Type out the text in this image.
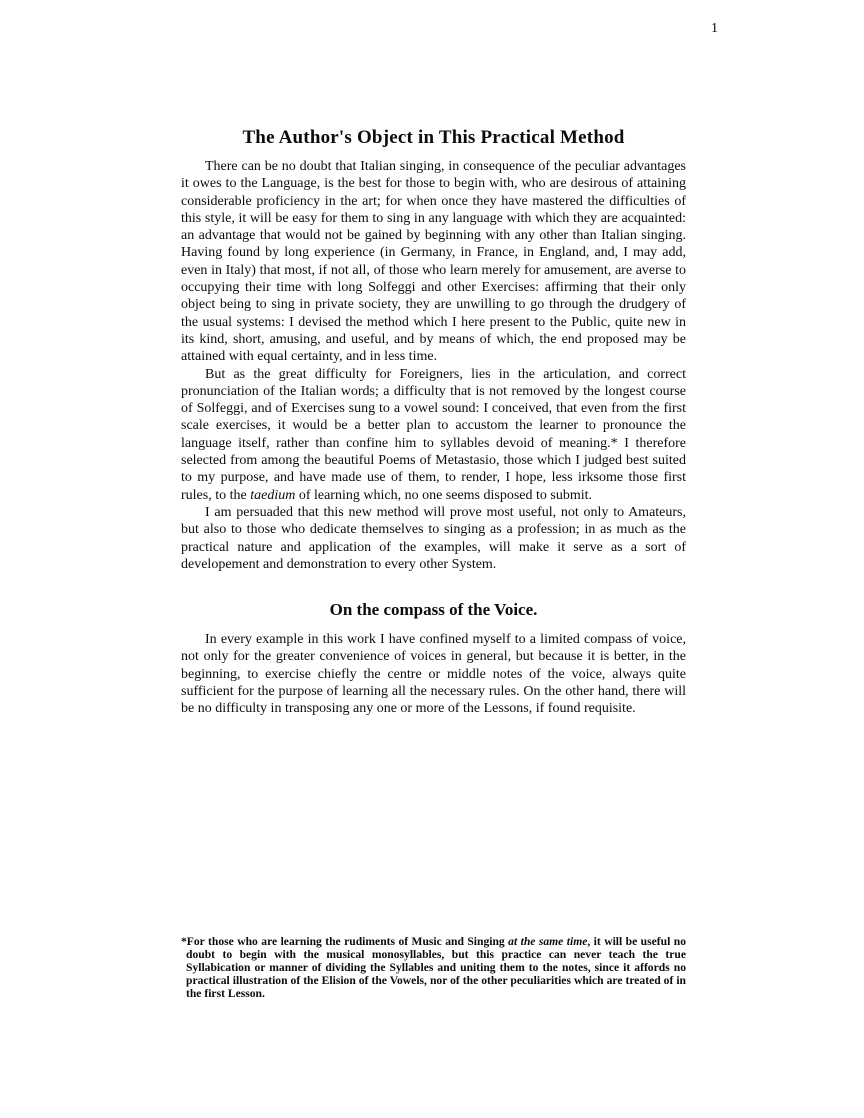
1
The Author's Object in This Practical Method

There can be no doubt that Italian singing, in consequence of the peculiar advantages it owes to the Language, is the best for those to begin with, who are desirous of attaining considerable proficiency in the art; for when once they have mastered the difficulties of this style, it will be easy for them to sing in any language with which they are acquainted: an advantage that would not be gained by beginning with any other than Italian singing. Having found by long experience (in Germany, in France, in England, and, I may add, even in Italy) that most, if not all, of those who learn merely for amusement, are averse to occupying their time with long Solfeggi and other Exercises: affirming that their only object being to sing in private society, they are unwilling to go through the drudgery of the usual systems: I devised the method which I here present to the Public, quite new in its kind, short, amusing, and useful, and by means of which, the end proposed may be attained with equal certainty, and in less time.

But as the great difficulty for Foreigners, lies in the articulation, and correct pronunciation of the Italian words; a difficulty that is not removed by the longest course of Solfeggi, and of Exercises sung to a vowel sound: I conceived, that even from the first scale exercises, it would be a better plan to accustom the learner to pronounce the language itself, rather than confine him to syllables devoid of meaning.* I therefore selected from among the beautiful Poems of Metastasio, those which I judged best suited to my purpose, and have made use of them, to render, I hope, less irksome those first rules, to the taedium of learning which, no one seems disposed to submit.

I am persuaded that this new method will prove most useful, not only to Amateurs, but also to those who dedicate themselves to singing as a profession; in as much as the practical nature and application of the examples, will make it serve as a sort of developement and demonstration to every other System.

On the compass of the Voice.

In every example in this work I have confined myself to a limited compass of voice, not only for the greater convenience of voices in general, but because it is better, in the beginning, to exercise chiefly the centre or middle notes of the voice, always quite sufficient for the purpose of learning all the necessary rules. On the other hand, there will be no difficulty in transposing any one or more of the Lessons, if found requisite.

*For those who are learning the rudiments of Music and Singing at the same time, it will be useful no doubt to begin with the musical monosyllables, but this practice can never teach the true Syllabication or manner of dividing the Syllables and uniting them to the notes, since it affords no practical illustration of the Elision of the Vowels, nor of the other peculiarities which are treated of in the first Lesson.
